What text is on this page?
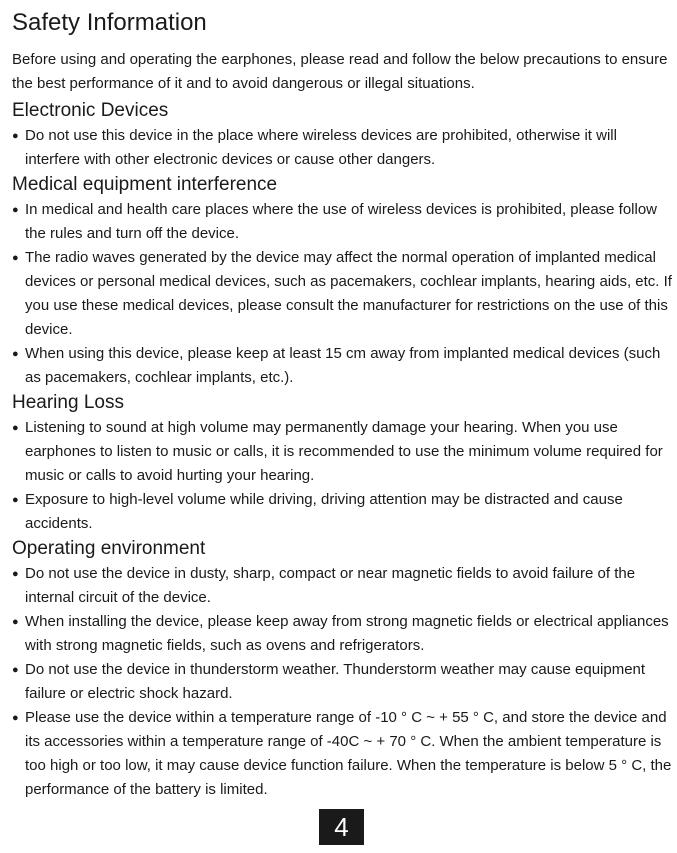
Safety Information

Before using and operating the earphones, please read and follow the below precautions to ensure the best performance of it and to avoid dangerous or illegal situations.

Electronic Devices
● Do not use this device in the place where wireless devices are prohibited, otherwise it will interfere with other electronic devices or cause other dangers.
Medical equipment interference
● In medical and health care places where the use of wireless devices is prohibited, please follow the rules and turn off the device.
● The radio waves generated by the device may affect the normal operation of implanted medical devices or personal medical devices, such as pacemakers, cochlear implants, hearing aids, etc. If you use these medical devices, please consult the manufacturer for restrictions on the use of this device.
● When using this device, please keep at least 15 cm away from implanted medical devices (such as pacemakers, cochlear implants, etc.).
Hearing Loss
● Listening to sound at high volume may permanently damage your hearing. When you use earphones to listen to music or calls, it is recommended to use the minimum volume required for music or calls to avoid hurting your hearing.
● Exposure to high-level volume while driving, driving attention may be distracted and cause accidents.
Operating environment
● Do not use the device in dusty, sharp, compact or near magnetic fields to avoid failure of the internal circuit of the device.
● When installing the device, please keep away from strong magnetic fields or electrical appliances with strong magnetic fields, such as ovens and refrigerators.
● Do not use the device in thunderstorm weather. Thunderstorm weather may cause equipment failure or electric shock hazard.
● Please use the device within a temperature range of -10 ° C ~ + 55 ° C, and store the device and its accessories within a temperature range of -40C ~ + 70 ° C. When the ambient temperature is too high or too low, it may cause device function failure. When the temperature is below 5 ° C, the performance of the battery is limited.
4
